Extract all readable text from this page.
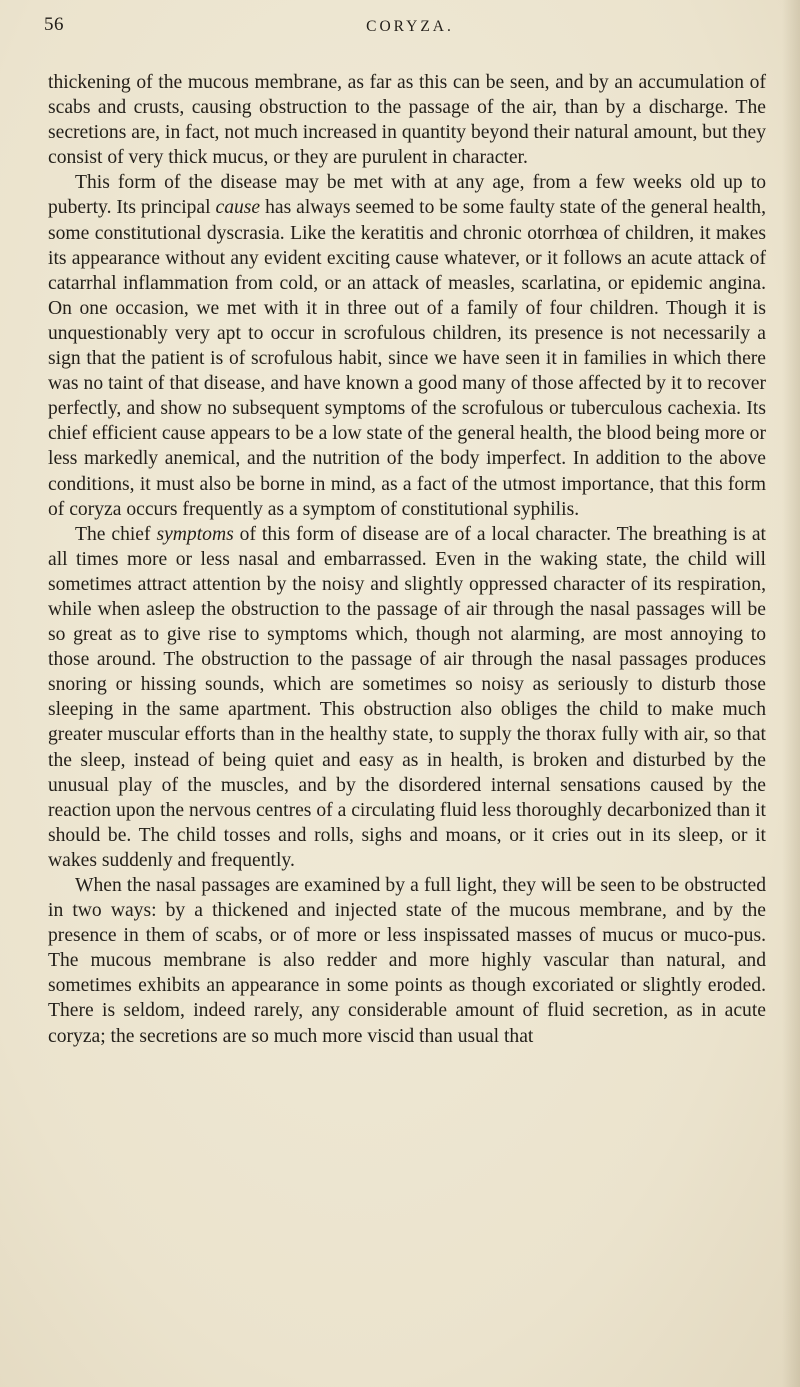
56	CORYZA.

thickening of the mucous membrane, as far as this can be seen, and by an accumulation of scabs and crusts, causing obstruction to the passage of the air, than by a discharge. The secretions are, in fact, not much increased in quantity beyond their natural amount, but they consist of very thick mucus, or they are purulent in character.

This form of the disease may be met with at any age, from a few weeks old up to puberty. Its principal cause has always seemed to be some faulty state of the general health, some constitutional dyscrasia. Like the keratitis and chronic otorrhœa of children, it makes its appearance without any evident exciting cause whatever, or it follows an acute attack of catarrhal inflammation from cold, or an attack of measles, scarlatina, or epidemic angina. On one occasion, we met with it in three out of a family of four children. Though it is unquestionably very apt to occur in scrofulous children, its presence is not necessarily a sign that the patient is of scrofulous habit, since we have seen it in families in which there was no taint of that disease, and have known a good many of those affected by it to recover perfectly, and show no subsequent symptoms of the scrofulous or tuberculous cachexia. Its chief efficient cause appears to be a low state of the general health, the blood being more or less markedly anemical, and the nutrition of the body imperfect. In addition to the above conditions, it must also be borne in mind, as a fact of the utmost importance, that this form of coryza occurs frequently as a symptom of constitutional syphilis.

The chief symptoms of this form of disease are of a local character. The breathing is at all times more or less nasal and embarrassed. Even in the waking state, the child will sometimes attract attention by the noisy and slightly oppressed character of its respiration, while when asleep the obstruction to the passage of air through the nasal passages will be so great as to give rise to symptoms which, though not alarming, are most annoying to those around. The obstruction to the passage of air through the nasal passages produces snoring or hissing sounds, which are sometimes so noisy as seriously to disturb those sleeping in the same apartment. This obstruction also obliges the child to make much greater muscular efforts than in the healthy state, to supply the thorax fully with air, so that the sleep, instead of being quiet and easy as in health, is broken and disturbed by the unusual play of the muscles, and by the disordered internal sensations caused by the reaction upon the nervous centres of a circulating fluid less thoroughly decarbonized than it should be. The child tosses and rolls, sighs and moans, or it cries out in its sleep, or it wakes suddenly and frequently.

When the nasal passages are examined by a full light, they will be seen to be obstructed in two ways: by a thickened and injected state of the mucous membrane, and by the presence in them of scabs, or of more or less inspissated masses of mucus or muco-pus. The mucous membrane is also redder and more highly vascular than natural, and sometimes exhibits an appearance in some points as though excoriated or slightly eroded. There is seldom, indeed rarely, any considerable amount of fluid secretion, as in acute coryza; the secretions are so much more viscid than usual that
